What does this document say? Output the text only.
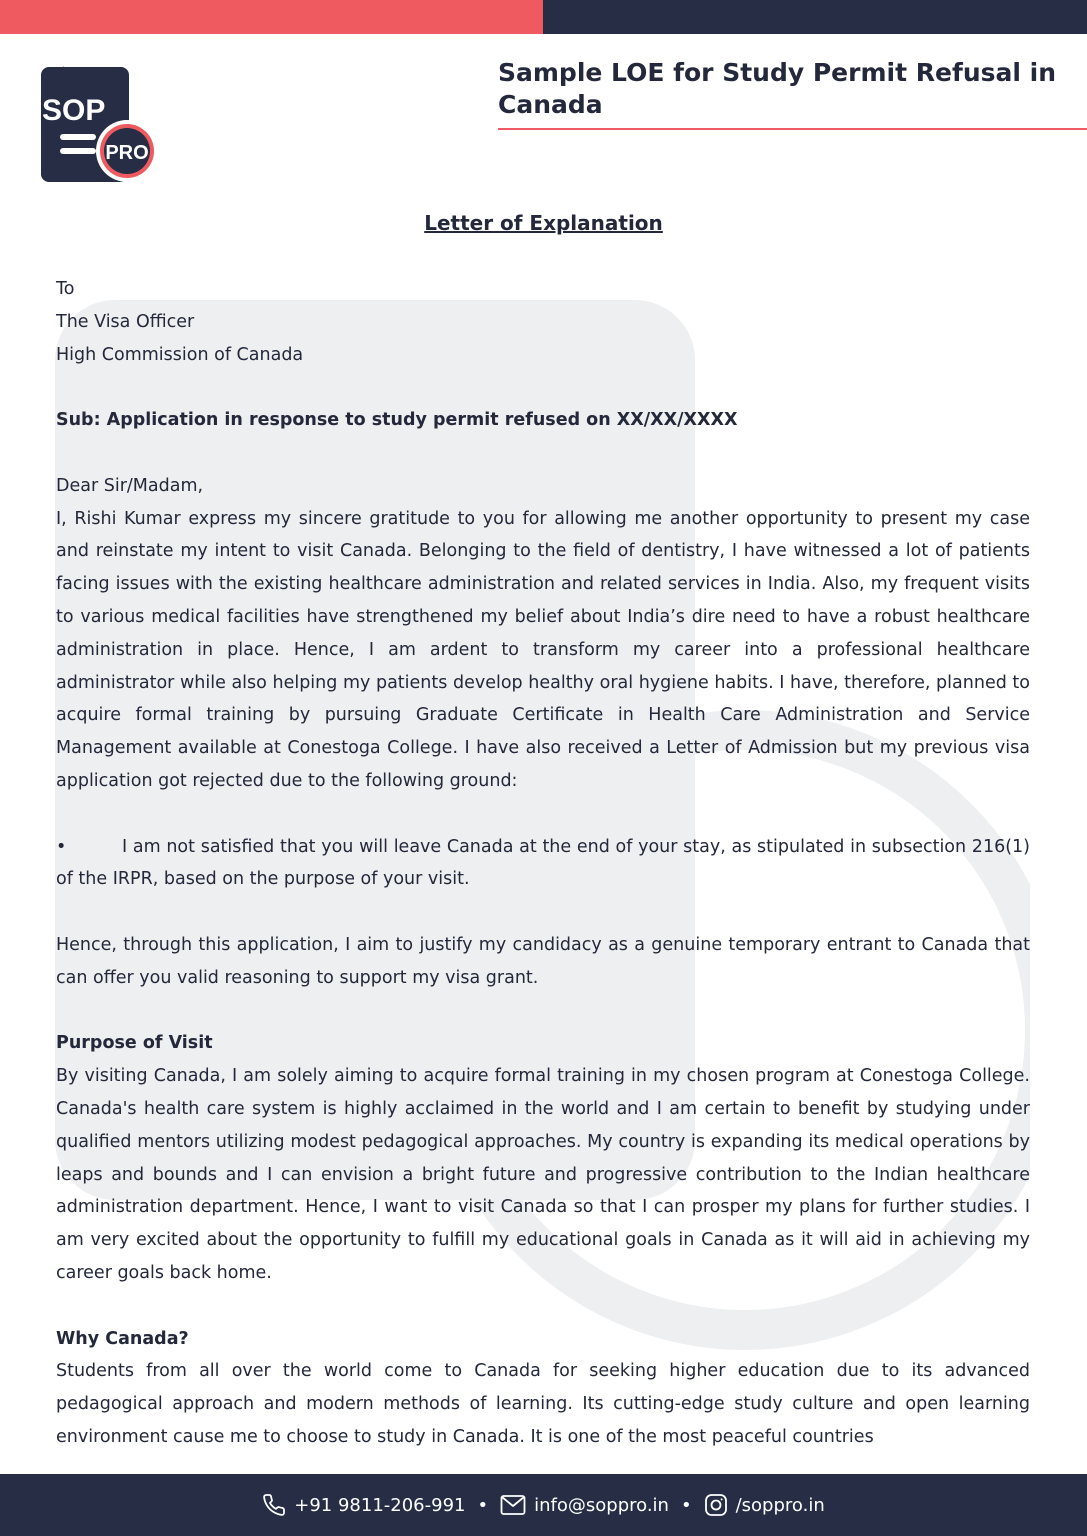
SOP
PRO
Sample LOE for Study Permit Refusal in Canada
Letter of Explanation

To

The Visa Officer

High Commission of Canada

Sub: Application in response to study permit refused on XX/XX/XXXX

Dear Sir/Madam,

I, Rishi Kumar express my sincere gratitude to you for allowing me another opportunity to present my case and reinstate my intent to visit Canada. Belonging to the field of dentistry, I have witnessed a lot of patients facing issues with the existing healthcare administration and related services in India. Also, my frequent visits to various medical facilities have strengthened my belief about India’s dire need to have a robust healthcare administration in place. Hence, I am ardent to transform my career into a professional healthcare administrator while also helping my patients develop healthy oral hygiene habits. I have, therefore, planned to acquire formal training by pursuing Graduate Certificate in Health Care Administration and Service Management available at Conestoga College. I have also received a Letter of Admission but my previous visa application got rejected due to the following ground:

•	I am not satisfied that you will leave Canada at the end of your stay, as stipulated in subsection 216(1) of the IRPR, based on the purpose of your visit.

Hence, through this application, I aim to justify my candidacy as a genuine temporary entrant to Canada that can offer you valid reasoning to support my visa grant.

Purpose of Visit

By visiting Canada, I am solely aiming to acquire formal training in my chosen program at Conestoga College. Canada's health care system is highly acclaimed in the world and I am certain to benefit by studying under qualified mentors utilizing modest pedagogical approaches. My country is expanding its medical operations by leaps and bounds and I can envision a bright future and progressive contribution to the Indian healthcare administration department. Hence, I want to visit Canada so that I can prosper my plans for further studies. I am very excited about the opportunity to fulfill my educational goals in Canada as it will aid in achieving my career goals back home.

Why Canada?

Students from all over the world come to Canada for seeking higher education due to its advanced pedagogical approach and modern methods of learning. Its cutting-edge study culture and open learning environment cause me to choose to study in Canada. It is one of the most peaceful countries

+91 9811-206-991 •	info@soppro.in • /soppro.in
